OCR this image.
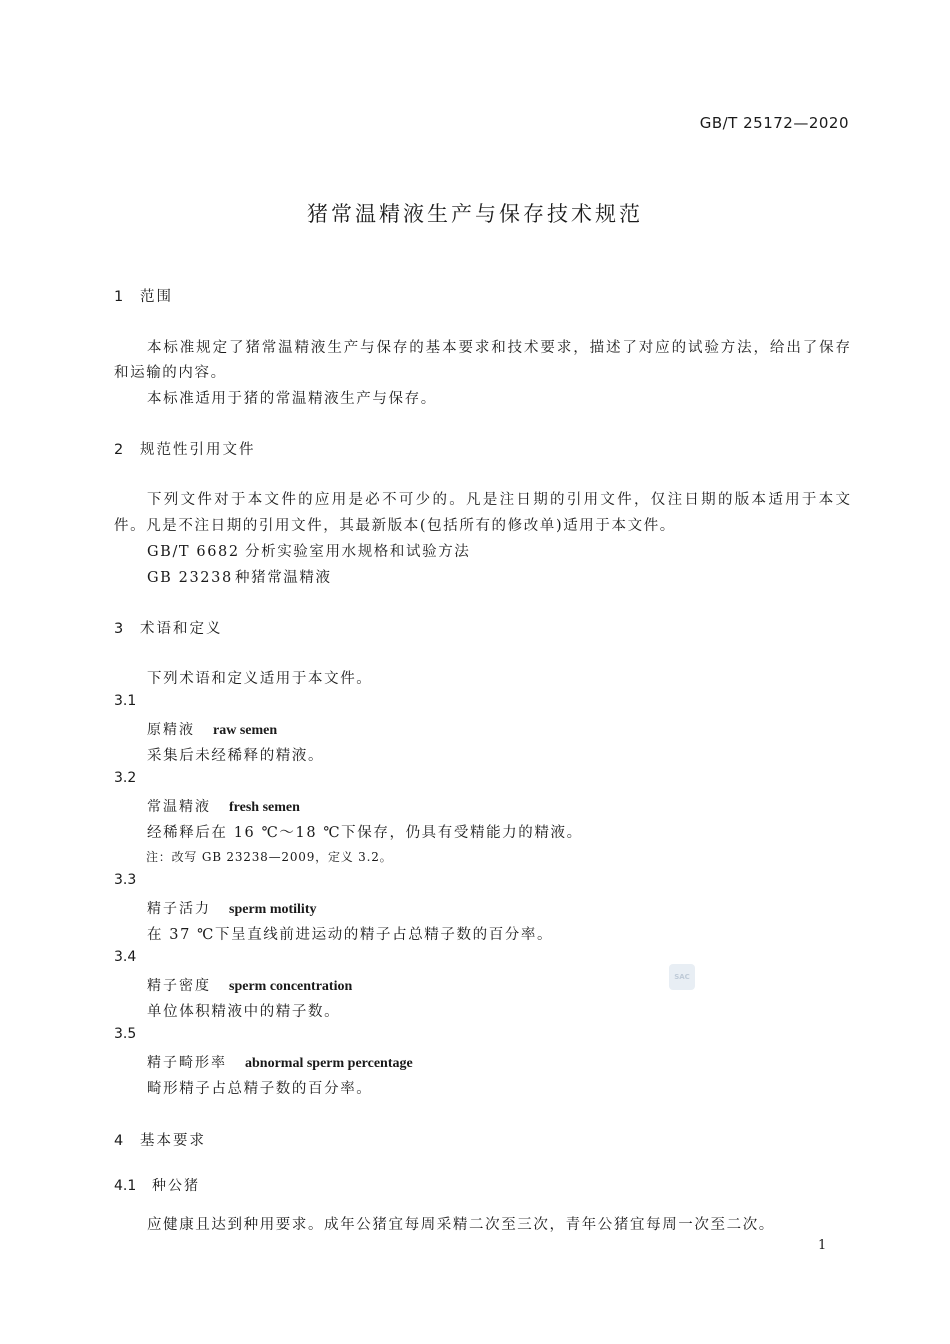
GB/T 25172—2020
猪常温精液生产与保存技术规范
1 范围
本标准规定了猪常温精液生产与保存的基本要求和技术要求，描述了对应的试验方法，给出了保存
和运输的内容。
本标准适用于猪的常温精液生产与保存。
2 规范性引用文件
下列文件对于本文件的应用是必不可少的。凡是注日期的引用文件，仅注日期的版本适用于本文
件。凡是不注日期的引用文件，其最新版本(包括所有的修改单)适用于本文件。
GB/T 6682 分析实验室用水规格和试验方法
GB 23238 种猪常温精液
3 术语和定义
下列术语和定义适用于本文件。
3.1
原精液 raw semen
采集后未经稀释的精液。
3.2
常温精液 fresh semen
经稀释后在 16 ℃～18 ℃下保存，仍具有受精能力的精液。
注：改写 GB 23238—2009，定义 3.2。
3.3
精子活力 sperm motility
在 37 ℃下呈直线前进运动的精子占总精子数的百分率。
3.4
精子密度 sperm concentration
单位体积精液中的精子数。
3.5
精子畸形率 abnormal sperm percentage
畸形精子占总精子数的百分率。
4 基本要求
4.1 种公猪
应健康且达到种用要求。成年公猪宜每周采精二次至三次，青年公猪宜每周一次至二次。
SAC
1
